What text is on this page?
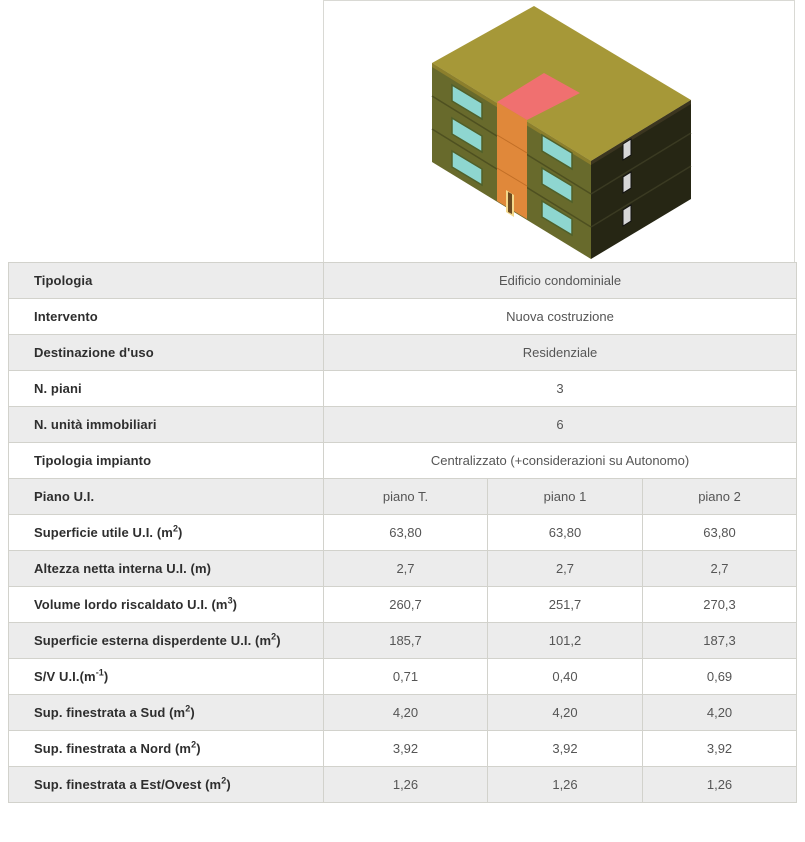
Tipologia	Edificio condominiale		
Intervento	Nuova costruzione		
Destinazione d'uso	Residenziale		
N. piani	3		
N. unità immobiliari	6		
Tipologia impianto	Centralizzato (+considerazioni su Autonomo)		
Piano U.I.	piano T.	piano 1	piano 2
Superficie utile U.I. $(m^2)$	63,80	63,80	63,80
Altezza netta interna U.I. (m)	2,7	2,7	2,7
Volume lordo riscaldato U.I. $(m^3)$	260,7	251,7	270,3
Superficie esterna disperdente U.I. $(m^2)$	185,7	101,2	187,3
S/V $U.I.(m^{-1})$	0,71	0,40	0,69
Sup. finestrata a Sud $(m^2)$	4,20	4,20	4,20
Sup. finestrata a Nord $(m^2)$	3,92	3,92	3,92
Sup. finestrata a Est/Ovest $(m^2)$	1,26	1,26	1,26
